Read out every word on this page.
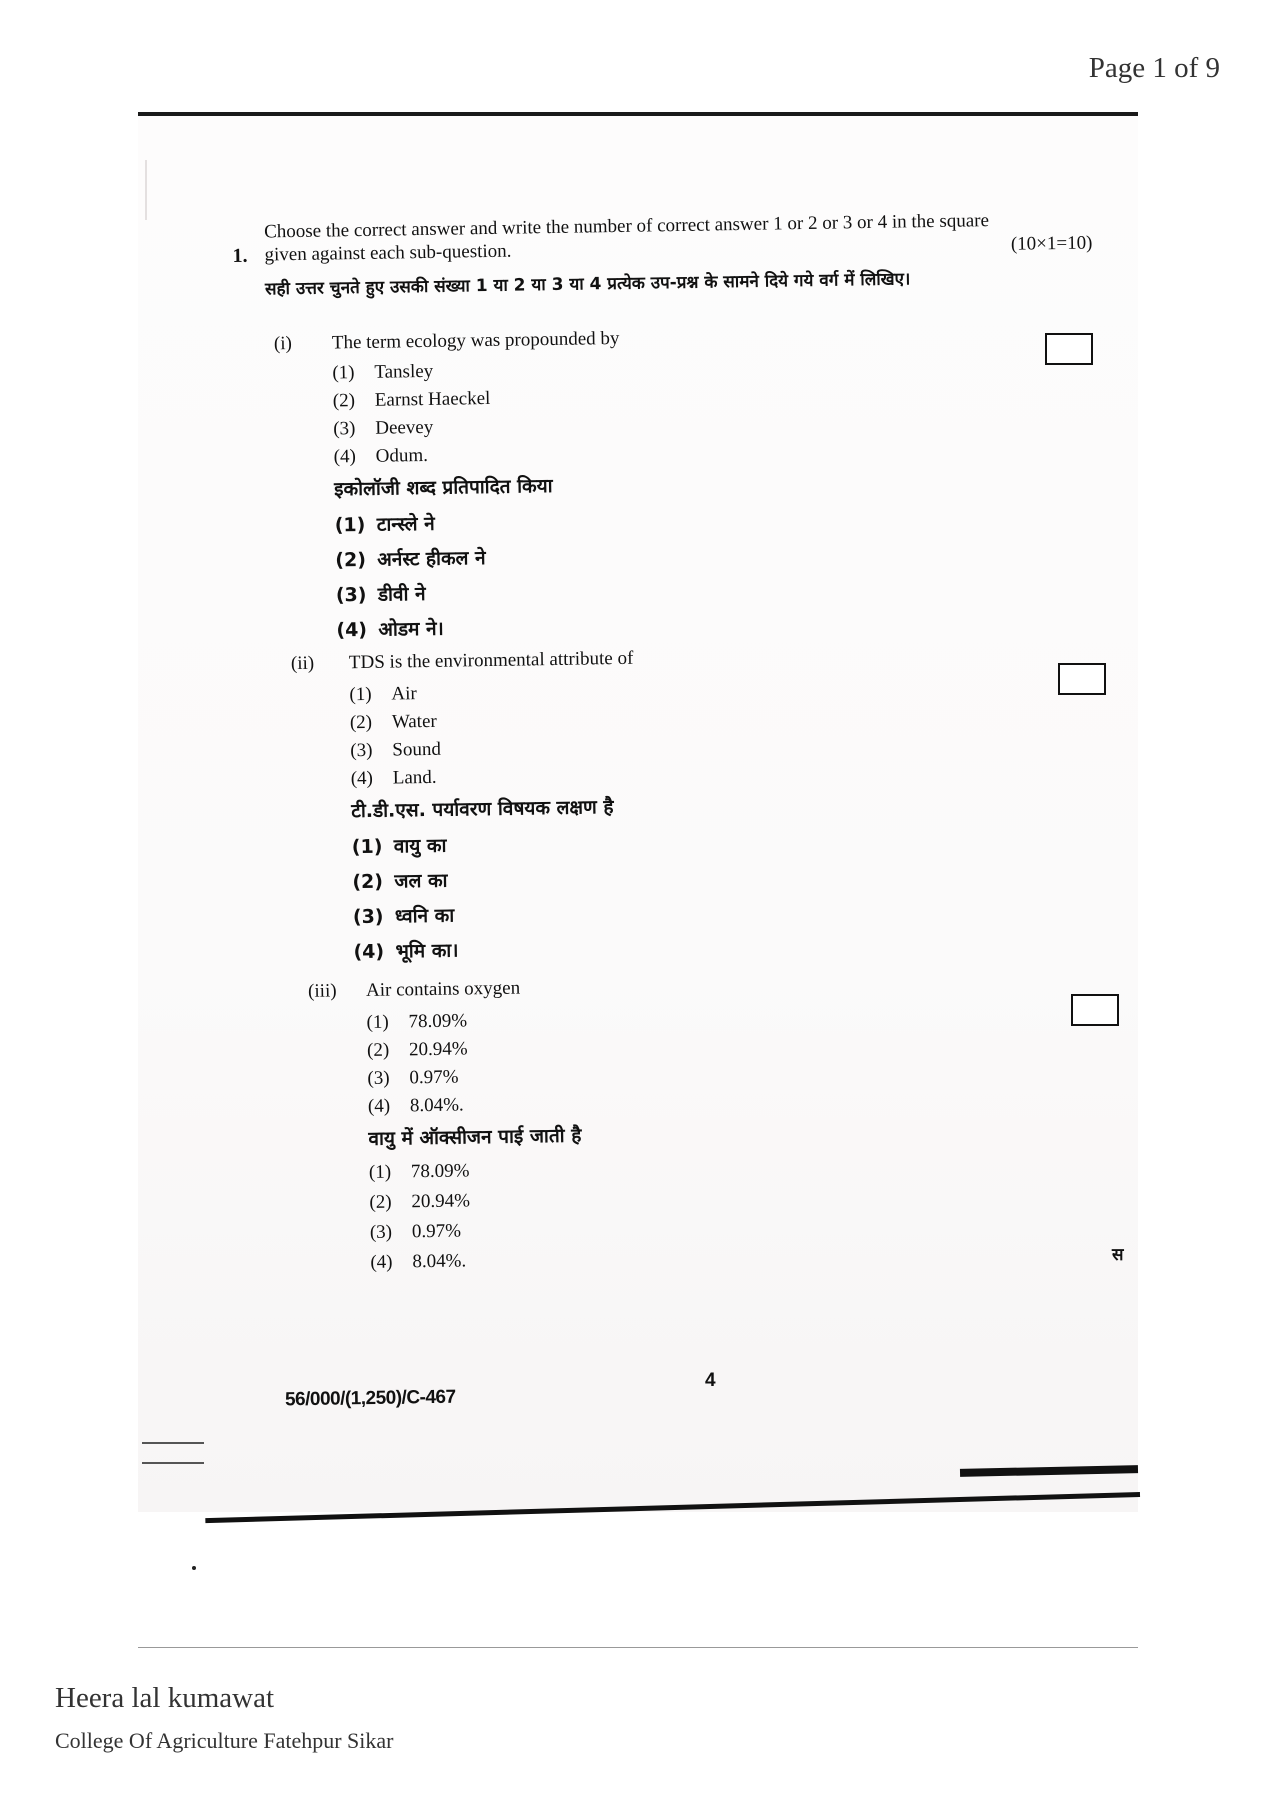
Page 1 of 9
1.
Choose the correct answer and write the number of correct answer 1 or 2 or 3 or 4 in the square
given against each sub-question.	(10×1=10)
सही उत्तर चुनते हुए उसकी संख्या 1 या 2 या 3 या 4 प्रत्येक उप-प्रश्न के सामने दिये गये वर्ग में लिखिए।
(i) The term ecology was propounded by
(1) Tansley
(2) Earnst Haeckel
(3) Deevey
(4) Odum.
इकोलॉजी शब्द प्रतिपादित किया
(1) टान्स्ले ने
(2) अर्नस्ट हीकल ने
(3) डीवी ने
(4) ओडम ने।
(ii) TDS is the environmental attribute of
(1) Air
(2) Water
(3) Sound
(4) Land.
टी.डी.एस. पर्यावरण विषयक लक्षण है
(1) वायु का
(2) जल का
(3) ध्वनि का
(4) भूमि का।
(iii) Air contains oxygen
(1) 78.09%
(2) 20.94%
(3) 0.97%
(4) 8.04%.
वायु में ऑक्सीजन पाई जाती है
(1) 78.09%
(2) 20.94%
(3) 0.97%
(4) 8.04%.	स
4
56/000/(1,250)/C-467
Heera lal kumawat
College Of Agriculture Fatehpur Sikar
